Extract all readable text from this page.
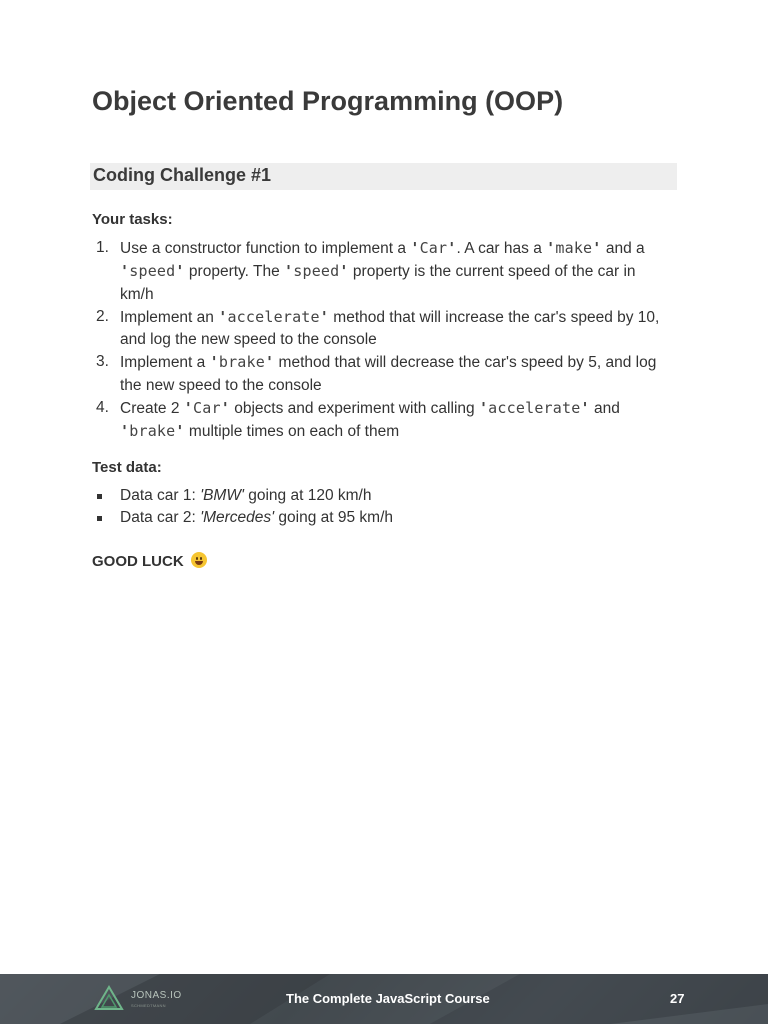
Object Oriented Programming (OOP)
Coding Challenge #1
Your tasks:
1. Use a constructor function to implement a 'Car'. A car has a 'make' and a
'speed' property. The 'speed' property is the current speed of the car in
km/h
2. Implement an 'accelerate' method that will increase the car's speed by 10,
and log the new speed to the console
3. Implement a 'brake' method that will decrease the car's speed by 5, and log
the new speed to the console
4. Create 2 'Car' objects and experiment with calling 'accelerate' and
'brake' multiple times on each of them
Test data:
Data car 1: 'BMW' going at 120 km/h
Data car 2: 'Mercedes' going at 95 km/h
GOOD LUCK
JONAS.IO
SCHMEDTMANN	The Complete JavaScript Course	27
